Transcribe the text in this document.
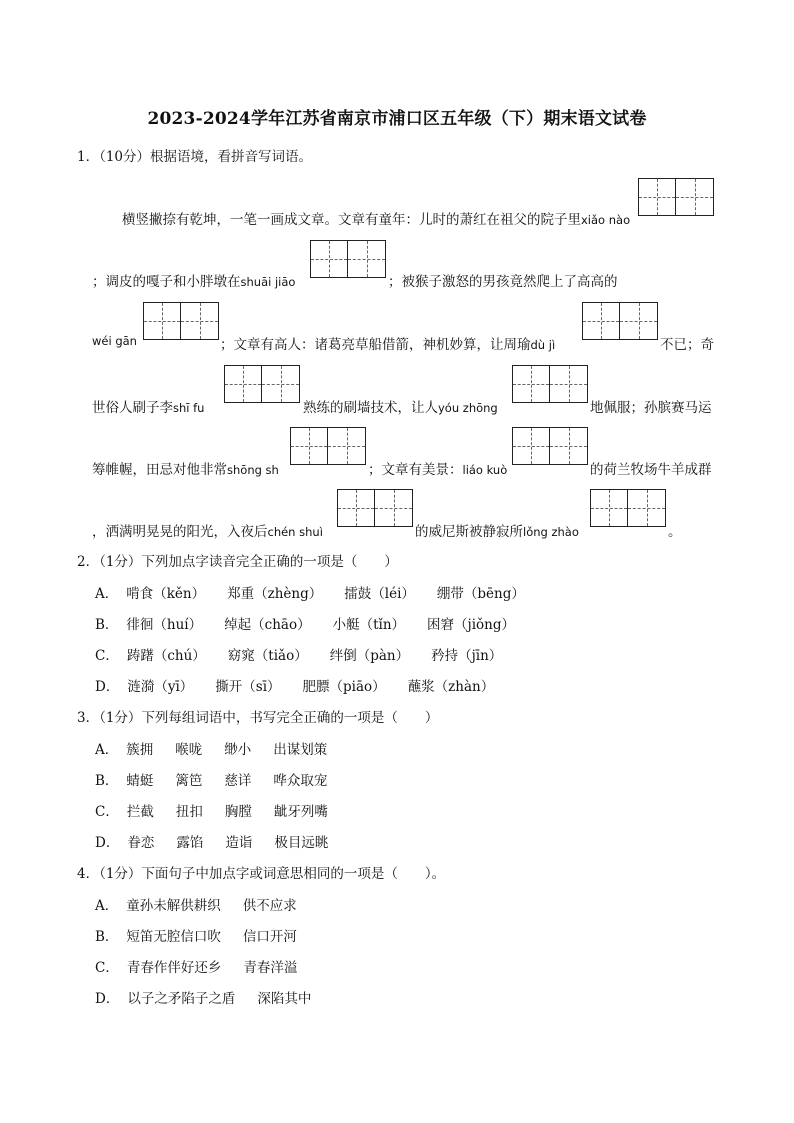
2023-2024学年江苏省南京市浦口区五年级（下）期末语文试卷
1．（10分）根据语境，看拼音写词语。
横竖撇捺有乾坤，一笔一画成文章。文章有童年：儿时的萧红在祖父的院子里xiǎo nào
；调皮的嘎子和小胖墩在shuāi jiāo	；被猴子激怒的男孩竟然爬上了高高的
wéi gān	；文章有高人：诸葛亮草船借箭，神机妙算，让周瑜dù jì	不已；奇
世俗人刷子李shī fu	熟练的刷墙技术，让人yóu zhōng	地佩服；孙膑赛马运
筹帷幄，田忌对他非常shōng sh	；文章有美景：liáo kuò	的荷兰牧场牛羊成群
，洒满明晃晃的阳光，入夜后chén shuì	的威尼斯被静寂所lǒng zhào	。
2．（1分）下列加点字读音完全正确的一项是（　　）
A． 啃食（kěn） 郑重（zhèng） 擂鼓（léi） 绷带（bēng）
B． 徘徊（huí） 绰起（chāo） 小艇（tǐn） 困窘（jiǒng）
C． 踌躇（chú） 窈窕（tiǎo） 绊倒（pàn） 矜持（jīn）
D． 涟漪（yī） 撕开（sī） 肥膘（piāo） 蘸浆（zhàn）
3．（1分）下列每组词语中，书写完全正确的一项是（　　）
A． 簇拥 喉咙 缈小 出谋划策
B． 蜻蜓 篱笆 慈详 哗众取宠
C． 拦截 扭扣 胸膛 龇牙列嘴
D． 眷恋 露馅 造诣 极目远眺
4．（1分）下面句子中加点字或词意思相同的一项是（　　）。
A． 童孙未解供耕织 供不应求
B． 短笛无腔信口吹 信口开河
C． 青春作伴好还乡 青春洋溢
D． 以子之矛陷子之盾 深陷其中
